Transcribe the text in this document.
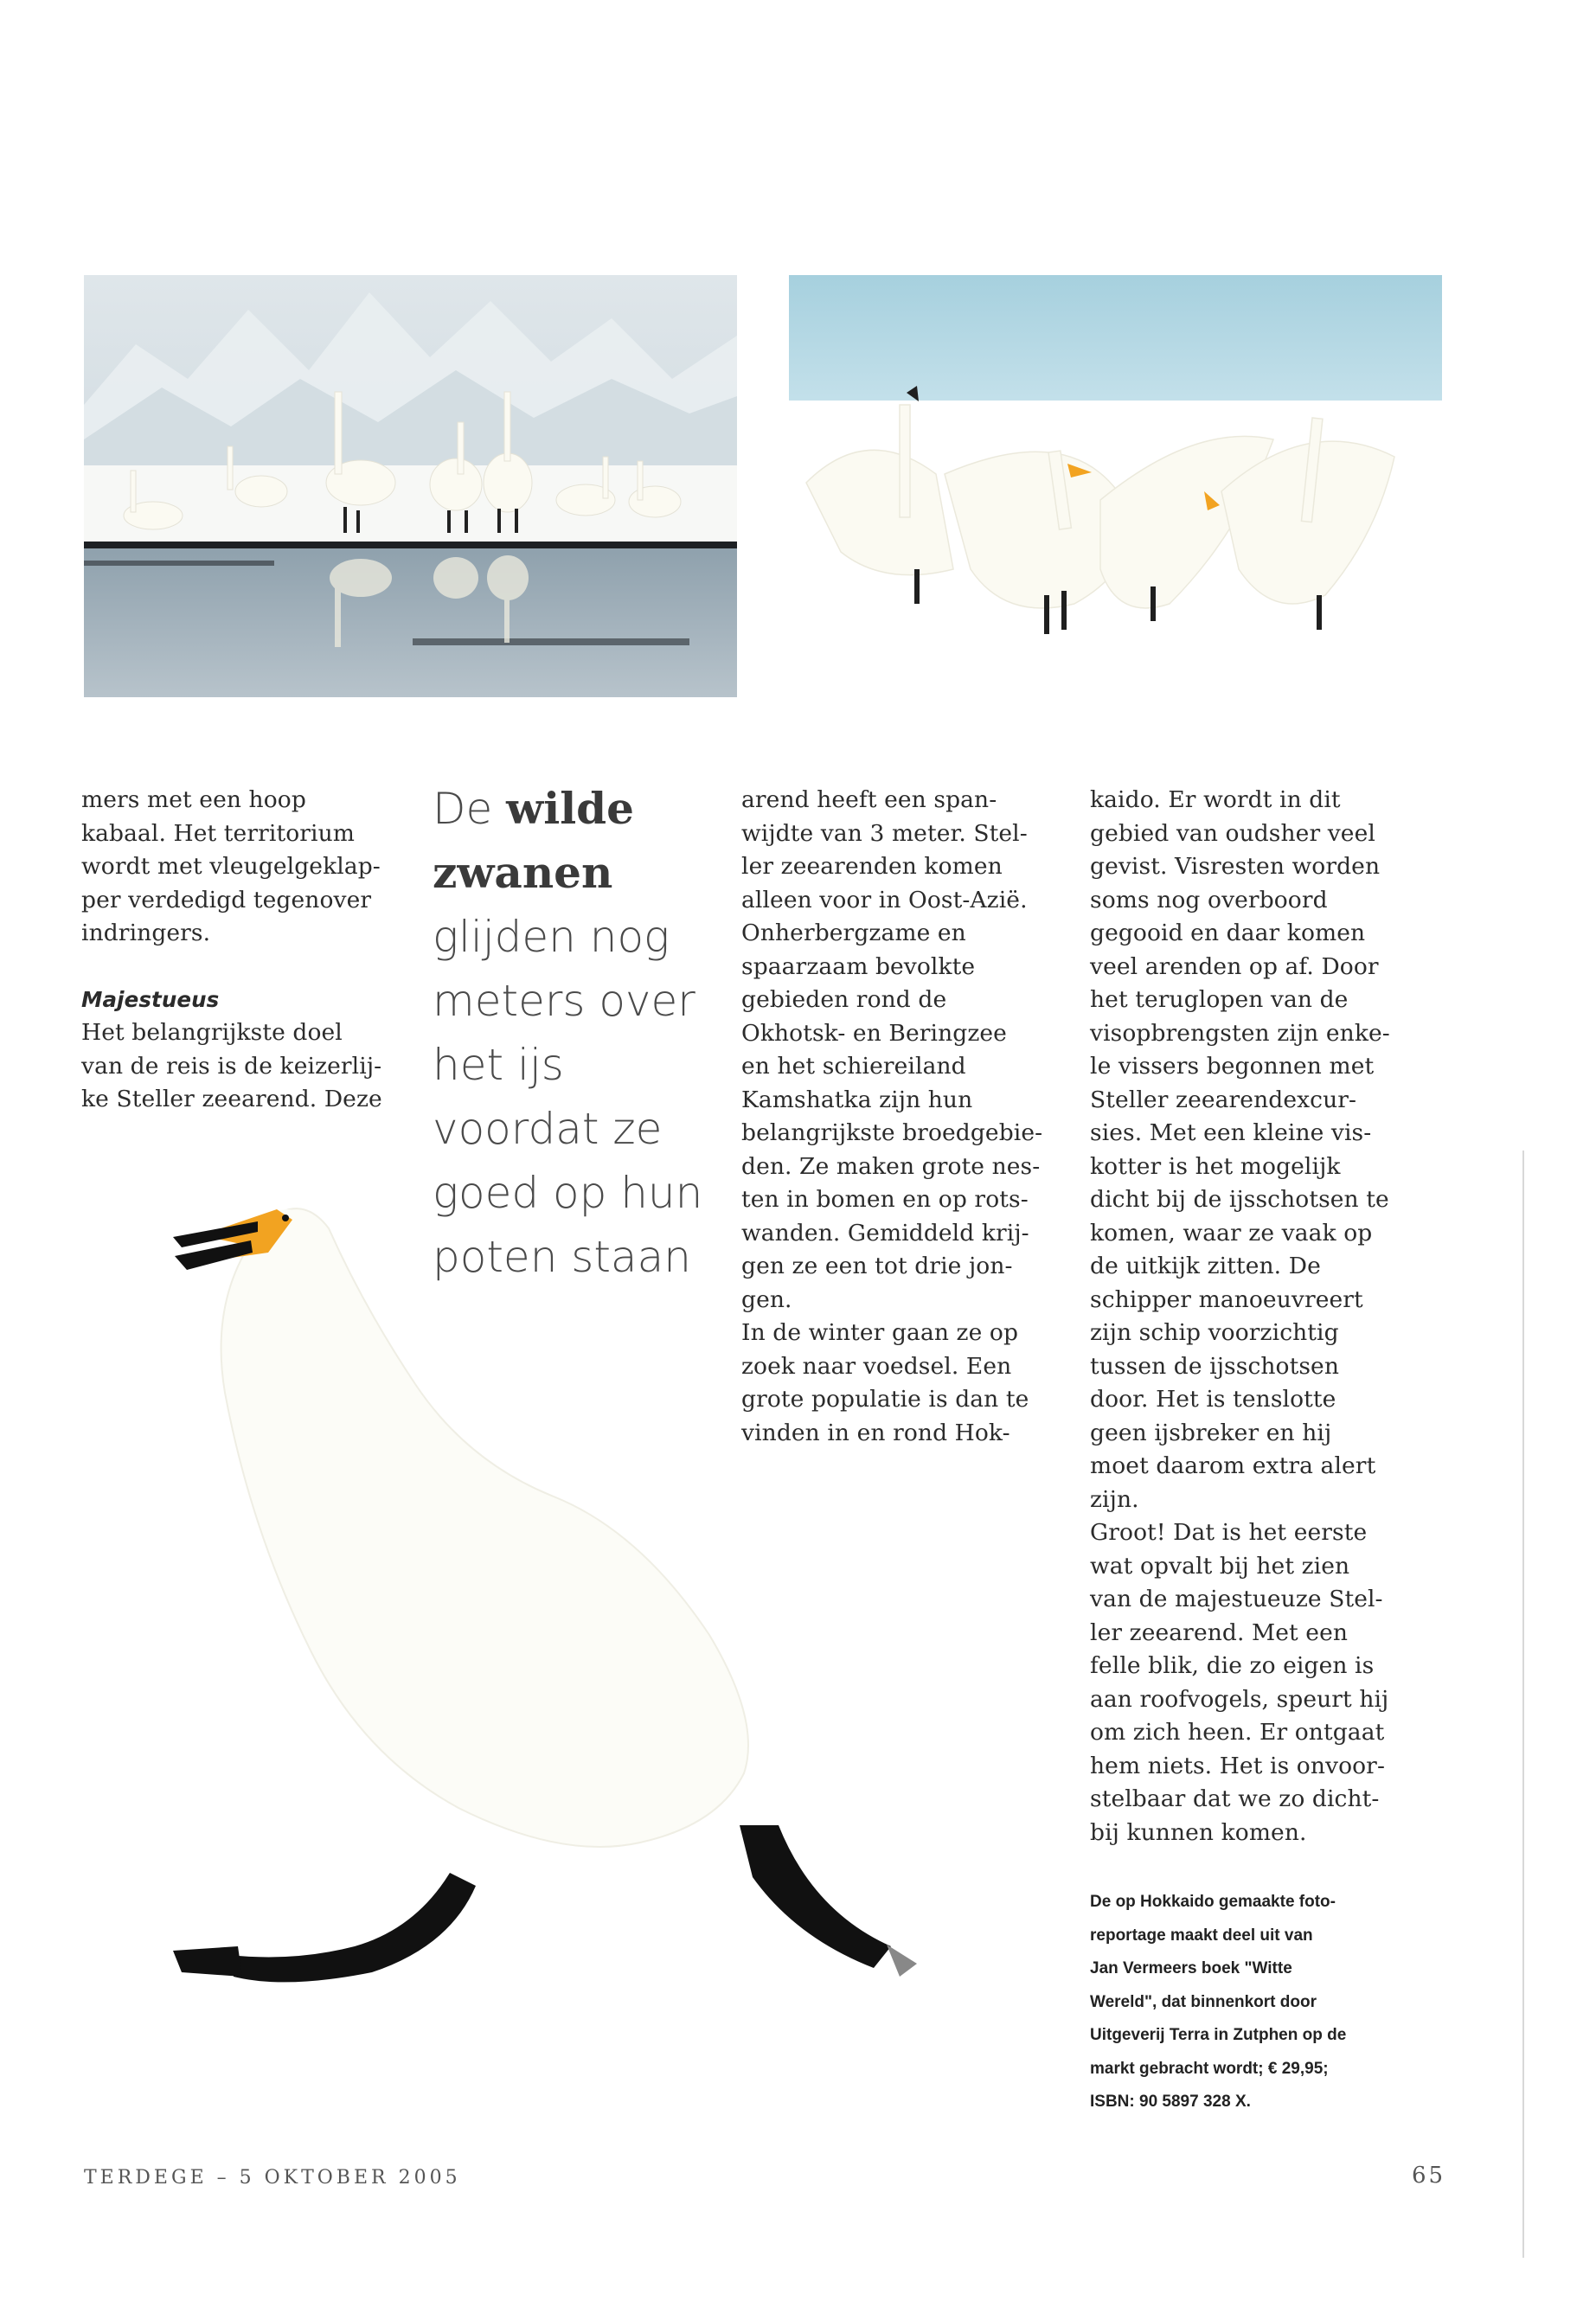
mers met een hoop

kabaal. Het territorium

wordt met vleugelgeklap-

per verdedigd tegenover

indringers.

Majestueus

Het belangrijkste doel

van de reis is de keizerlij-

ke Steller zeearend. Deze

De wilde zwanen glijden nog meters over het ijs voordat ze goed op hun poten staan

arend heeft een span-

wijdte van 3 meter. Stel-

ler zeearenden komen

alleen voor in Oost-Azië.

Onherbergzame en

spaarzaam bevolkte

gebieden rond de

Okhotsk- en Beringzee

en het schiereiland

Kamshatka zijn hun

belangrijkste broedgebie-

den. Ze maken grote nes-

ten in bomen en op rots-

wanden. Gemiddeld krij-

gen ze een tot drie jon-

gen.

In de winter gaan ze op

zoek naar voedsel. Een

grote populatie is dan te

vinden in en rond Hok-

kaido. Er wordt in dit

gebied van oudsher veel

gevist. Visresten worden

soms nog overboord

gegooid en daar komen

veel arenden op af. Door

het teruglopen van de

visopbrengsten zijn enke-

le vissers begonnen met

Steller zeearendexcur-

sies. Met een kleine vis-

kotter is het mogelijk

dicht bij de ijsschotsen te

komen, waar ze vaak op

de uitkijk zitten. De

schipper manoeuvreert

zijn schip voorzichtig

tussen de ijsschotsen

door. Het is tenslotte

geen ijsbreker en hij

moet daarom extra alert

zijn.

Groot! Dat is het eerste

wat opvalt bij het zien

van de majestueuze Stel-

ler zeearend. Met een

felle blik, die zo eigen is

aan roofvogels, speurt hij

om zich heen. Er ontgaat

hem niets. Het is onvoor-

stelbaar dat we zo dicht-

bij kunnen komen.

De op Hokkaido gemaakte foto-
reportage maakt deel uit van
Jan Vermeers boek "Witte
Wereld", dat binnenkort door
Uitgeverij Terra in Zutphen op de
markt gebracht wordt; € 29,95;
ISBN: 90 5897 328 X.
TERDEGE – 5 OKTOBER 2005	65
